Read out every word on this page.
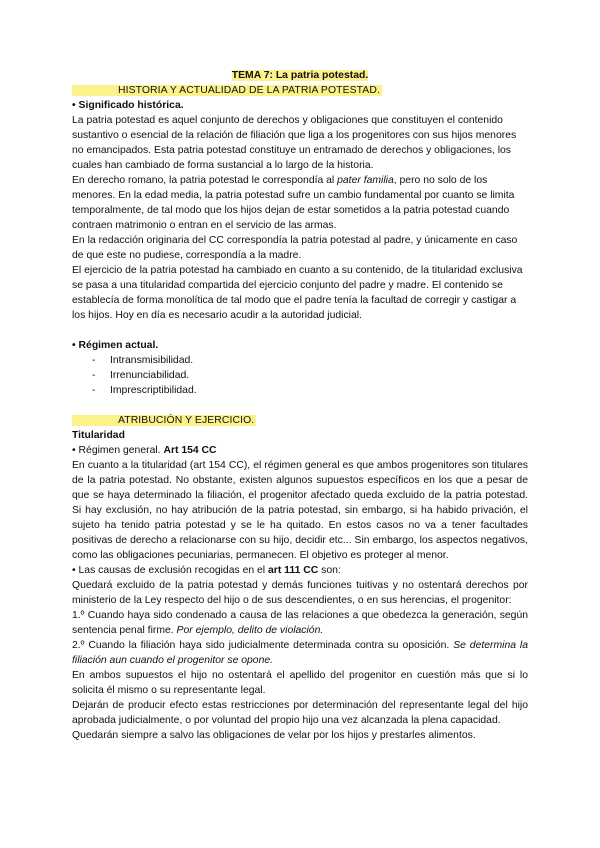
TEMA 7: La patria potestad.
HISTORIA Y ACTUALIDAD DE LA PATRIA POTESTAD.

• Significado histórica.

La patria potestad es aquel conjunto de derechos y obligaciones que constituyen el contenido sustantivo o esencial de la relación de filiación que liga a los progenitores con sus hijos menores no emancipados. Esta patria potestad constituye un entramado de derechos y obligaciones, los cuales han cambiado de forma sustancial a lo largo de la historia.

En derecho romano, la patria potestad le correspondía al pater familia, pero no solo de los menores. En la edad media, la patria potestad sufre un cambio fundamental por cuanto se limita temporalmente, de tal modo que los hijos dejan de estar sometidos a la patria potestad cuando contraen matrimonio o entran en el servicio de las armas.

En la redacción originaria del CC correspondía la patria potestad al padre, y únicamente en caso de que este no pudiese, correspondía a la madre.

El ejercicio de la patria potestad ha cambiado en cuanto a su contenido, de la titularidad exclusiva se pasa a una titularidad compartida del ejercicio conjunto del padre y madre. El contenido se establecía de forma monolítica de tal modo que el padre tenía la facultad de corregir y castigar a los hijos. Hoy en día es necesario acudir a la autoridad judicial.

• Régimen actual.

- Intransmisibilidad.
- Irrenunciabilidad.
- Imprescriptibilidad.
ATRIBUCIÓN Y EJERCICIO.

Titularidad

• Régimen general. Art 154 CC

En cuanto a la titularidad (art 154 CC), el régimen general es que ambos progenitores son titulares de la patria potestad. No obstante, existen algunos supuestos específicos en los que a pesar de que se haya determinado la filiación, el progenitor afectado queda excluido de la patria potestad. Si hay exclusión, no hay atribución de la patria potestad, sin embargo, si ha habido privación, el sujeto ha tenido patria potestad y se le ha quitado. En estos casos no va a tener facultades positivas de derecho a relacionarse con su hijo, decidir etc... Sin embargo, los aspectos negativos, como las obligaciones pecuniarias, permanecen. El objetivo es proteger al menor.

• Las causas de exclusión recogidas en el art 111 CC son:

Quedará excluido de la patria potestad y demás funciones tuitivas y no ostentará derechos por ministerio de la Ley respecto del hijo o de sus descendientes, o en sus herencias, el progenitor:

1.º Cuando haya sido condenado a causa de las relaciones a que obedezca la generación, según sentencia penal firme. Por ejemplo, delito de violación.

2.º Cuando la filiación haya sido judicialmente determinada contra su oposición. Se determina la filiación aun cuando el progenitor se opone.

En ambos supuestos el hijo no ostentará el apellido del progenitor en cuestión más que si lo solicita él mismo o su representante legal.

Dejarán de producir efecto estas restricciones por determinación del representante legal del hijo aprobada judicialmente, o por voluntad del propio hijo una vez alcanzada la plena capacidad.

Quedarán siempre a salvo las obligaciones de velar por los hijos y prestarles alimentos.
